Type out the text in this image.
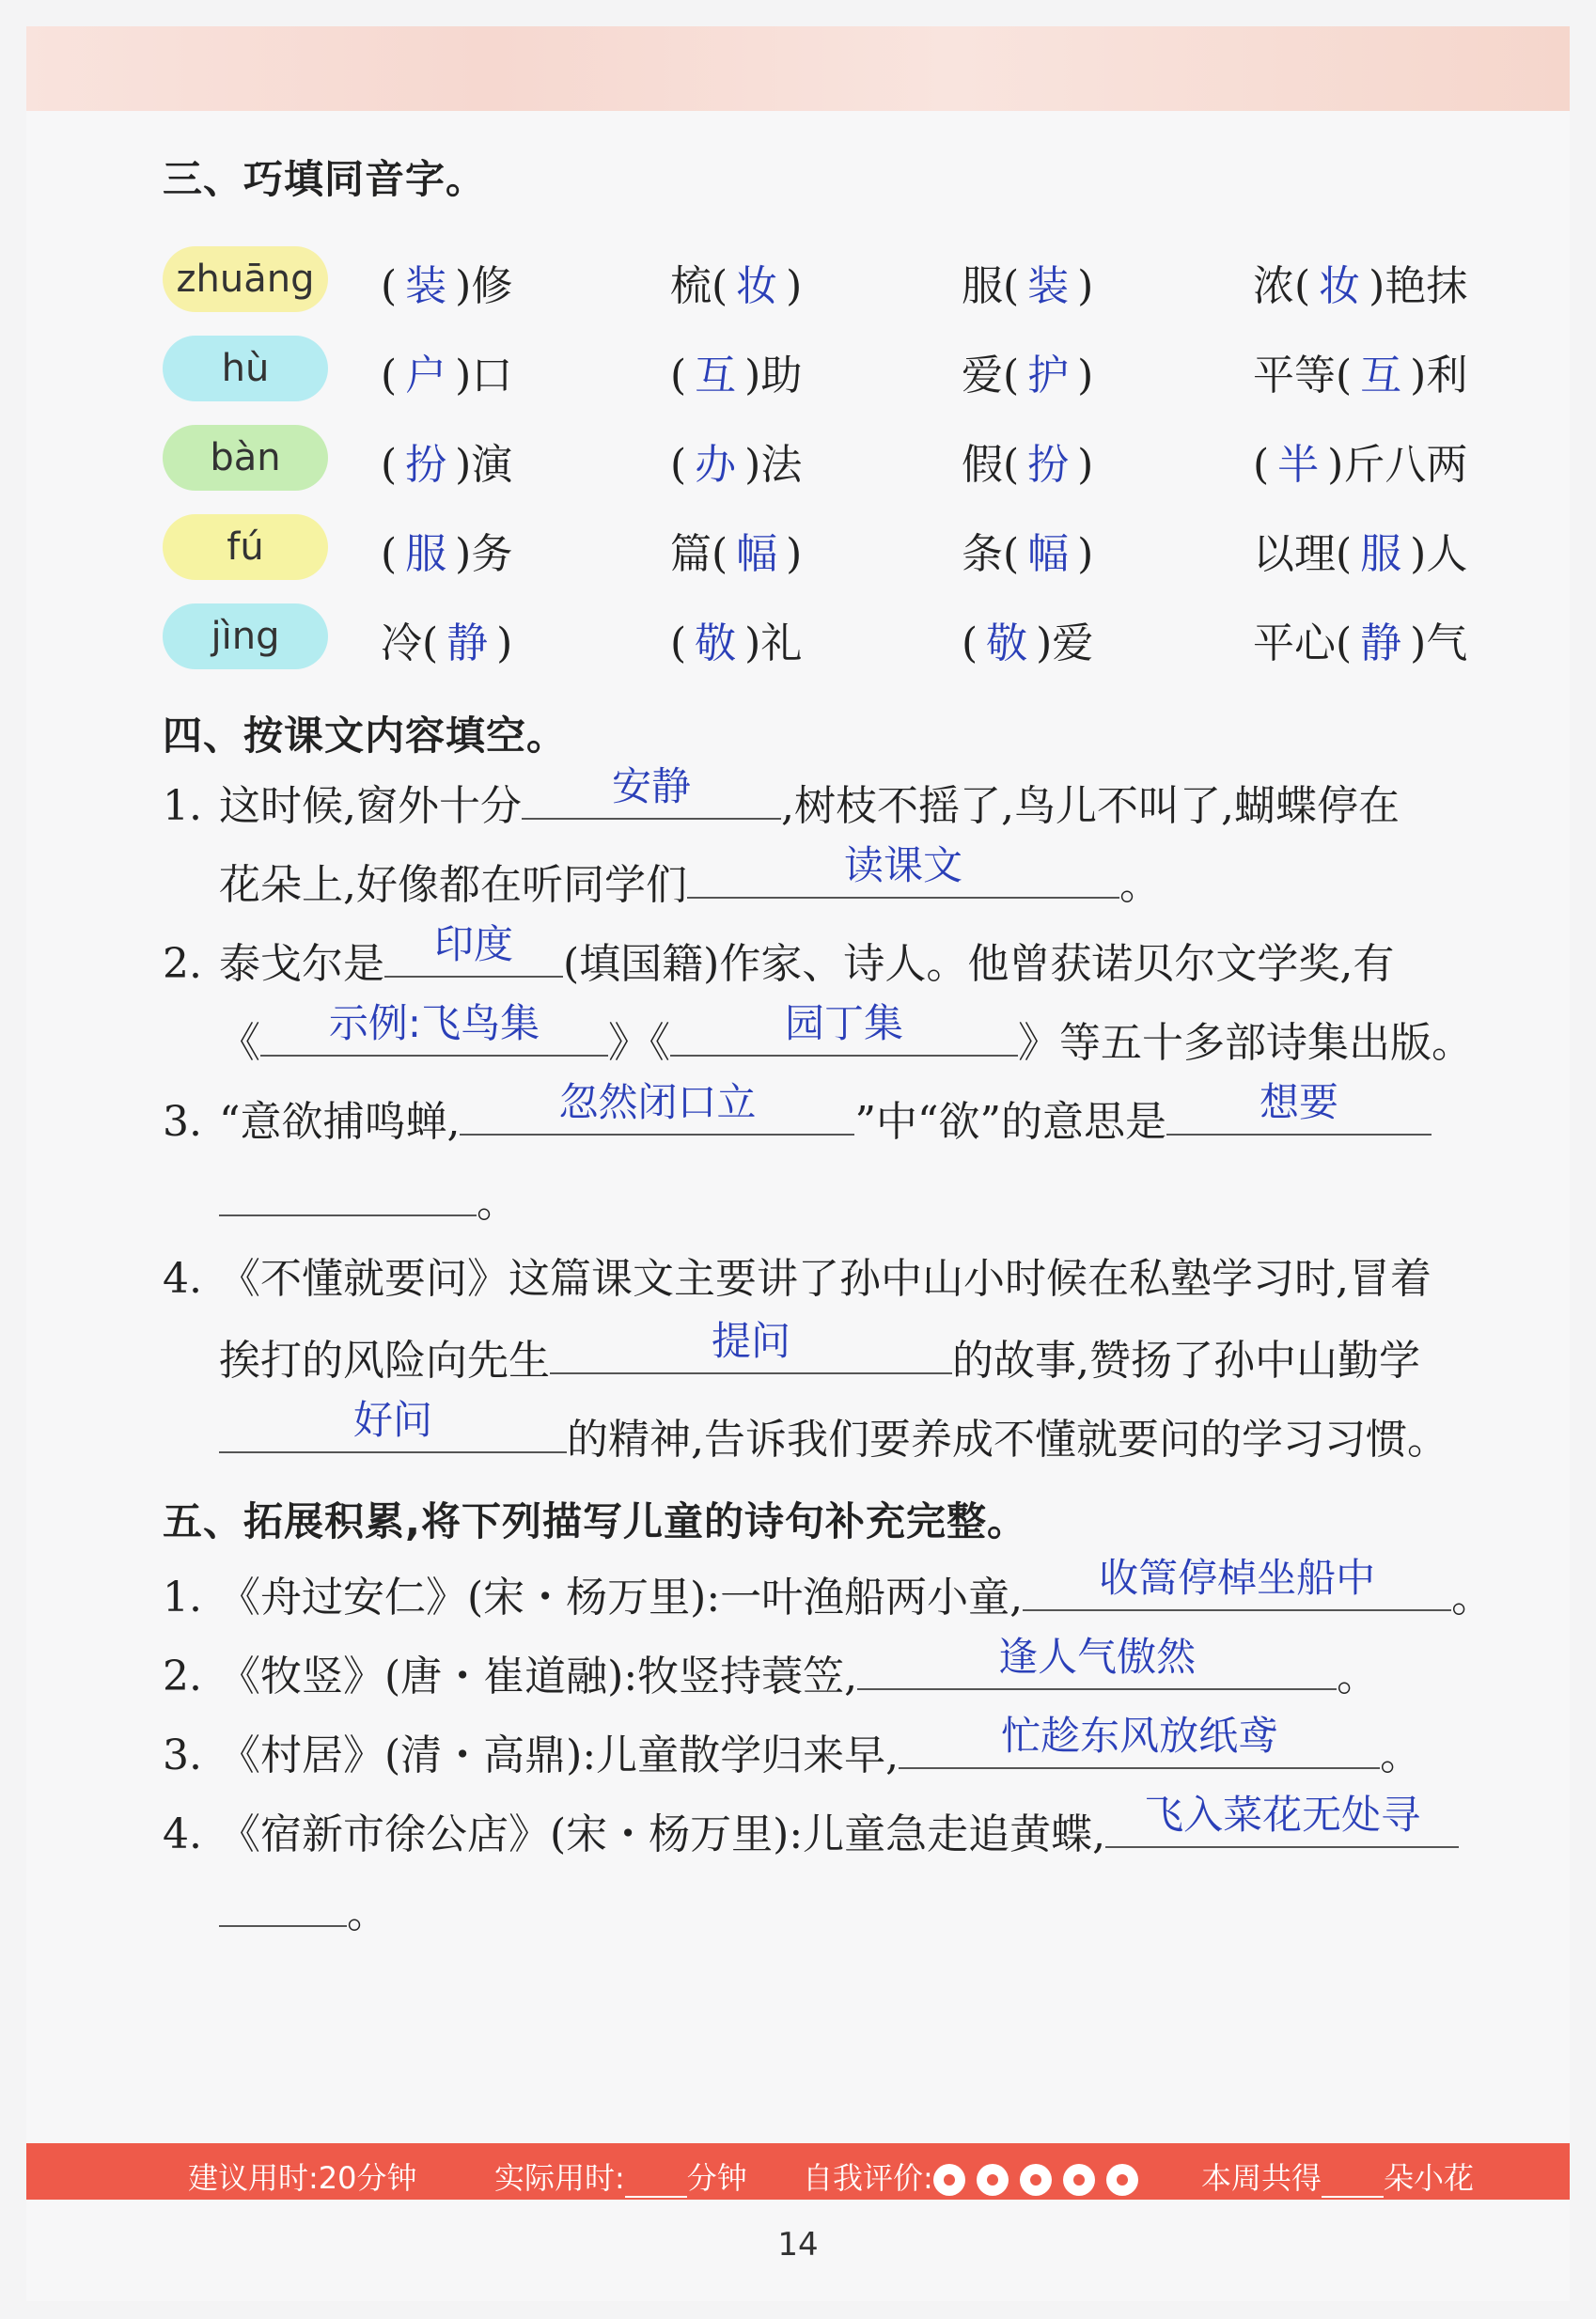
三、巧填同音字。
zhuāng	( 装 )修	梳( 妆 )	服( 装 )	浓( 妆 )艳抹
hù	( 户 )口	( 互 )助	爱( 护 )	平等( 互 )利
bàn	( 扮 )演	( 办 )法	假( 扮 )	( 半 )斤八两
fú	( 服 )务	篇( 幅 )	条( 幅 )	以理( 服 )人
jìng	冷( 静 )	( 敬 )礼	( 敬 )爱	平心( 静 )气
四、按课文内容填空。
1. 这时候,窗外十分	安静	,树枝不摇了,鸟儿不叫了,蝴蝶停在
花朵上,好像都在听同学们	读课文	。
2. 泰戈尔是	印度	(填国籍)作家、诗人。他曾获诺贝尔文学奖,有
《	示例:飞鸟集	》《	园丁集	》等五十多部诗集出版。
3. “意欲捕鸣蝉,	忽然闭口立	”中“欲”的意思是	想要
。
4. 《不懂就要问》这篇课文主要讲了孙中山小时候在私塾学习时,冒着
挨打的风险向先生	提问	的故事,赞扬了孙中山勤学
好问	的精神,告诉我们要养成不懂就要问的学习习惯。
五、拓展积累,将下列描写儿童的诗句补充完整。
1. 《舟过安仁》(宋・杨万里):一叶渔船两小童,	收篙停棹坐船中	。
2. 《牧竖》(唐・崔道融):牧竖持蓑笠,	逢人气傲然	。
3. 《村居》(清・高鼎):儿童散学归来早,	忙趁东风放纸鸢	。
4. 《宿新市徐公店》(宋・杨万里):儿童急走追黄蝶, 飞入菜花无处寻
。
建议用时:20分钟	实际用时: 分钟 自我评价:	本周共得 朵小花
14
